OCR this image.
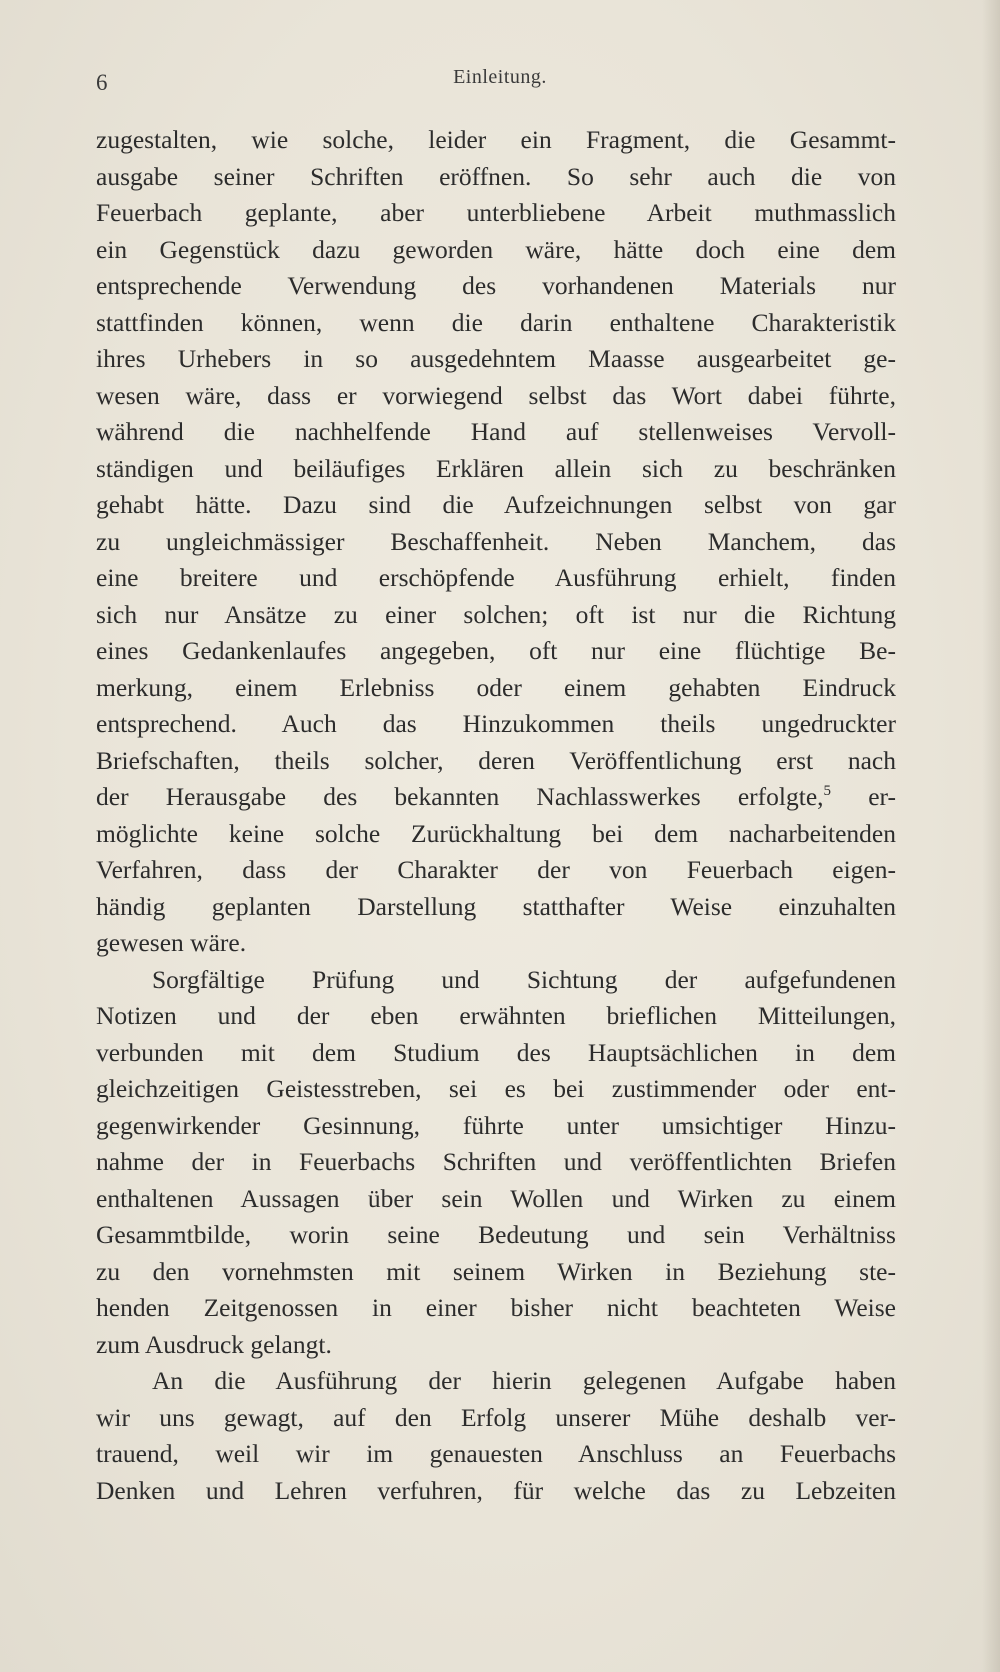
6	Einleitung.
zugestalten, wie solche, leider ein Fragment, die Gesammt-
ausgabe seiner Schriften eröffnen. So sehr auch die von
Feuerbach geplante, aber unterbliebene Arbeit muthmasslich
ein Gegenstück dazu geworden wäre, hätte doch eine dem
entsprechende Verwendung des vorhandenen Materials nur
stattfinden können, wenn die darin enthaltene Charakteristik
ihres Urhebers in so ausgedehntem Maasse ausgearbeitet ge-
wesen wäre, dass er vorwiegend selbst das Wort dabei führte,
während die nachhelfende Hand auf stellenweises Vervoll-
ständigen und beiläufiges Erklären allein sich zu beschränken
gehabt hätte. Dazu sind die Aufzeichnungen selbst von gar
zu ungleichmässiger Beschaffenheit. Neben Manchem, das
eine breitere und erschöpfende Ausführung erhielt, finden
sich nur Ansätze zu einer solchen; oft ist nur die Richtung
eines Gedankenlaufes angegeben, oft nur eine flüchtige Be-
merkung, einem Erlebniss oder einem gehabten Eindruck
entsprechend. Auch das Hinzukommen theils ungedruckter
Briefschaften, theils solcher, deren Veröffentlichung erst nach
der Herausgabe des bekannten Nachlasswerkes erfolgte,$^5$ er-
möglichte keine solche Zurückhaltung bei dem nacharbeitenden
Verfahren, dass der Charakter der von Feuerbach eigen-
händig geplanten Darstellung statthafter Weise einzuhalten
gewesen wäre.
Sorgfältige Prüfung und Sichtung der aufgefundenen
Notizen und der eben erwähnten brieflichen Mitteilungen,
verbunden mit dem Studium des Hauptsächlichen in dem
gleichzeitigen Geistesstreben, sei es bei zustimmender oder ent-
gegenwirkender Gesinnung, führte unter umsichtiger Hinzu-
nahme der in Feuerbachs Schriften und veröffentlichten Briefen
enthaltenen Aussagen über sein Wollen und Wirken zu einem
Gesammtbilde, worin seine Bedeutung und sein Verhältniss
zu den vornehmsten mit seinem Wirken in Beziehung ste-
henden Zeitgenossen in einer bisher nicht beachteten Weise
zum Ausdruck gelangt.
An die Ausführung der hierin gelegenen Aufgabe haben
wir uns gewagt, auf den Erfolg unserer Mühe deshalb ver-
trauend, weil wir im genauesten Anschluss an Feuerbachs
Denken und Lehren verfuhren, für welche das zu Lebzeiten
